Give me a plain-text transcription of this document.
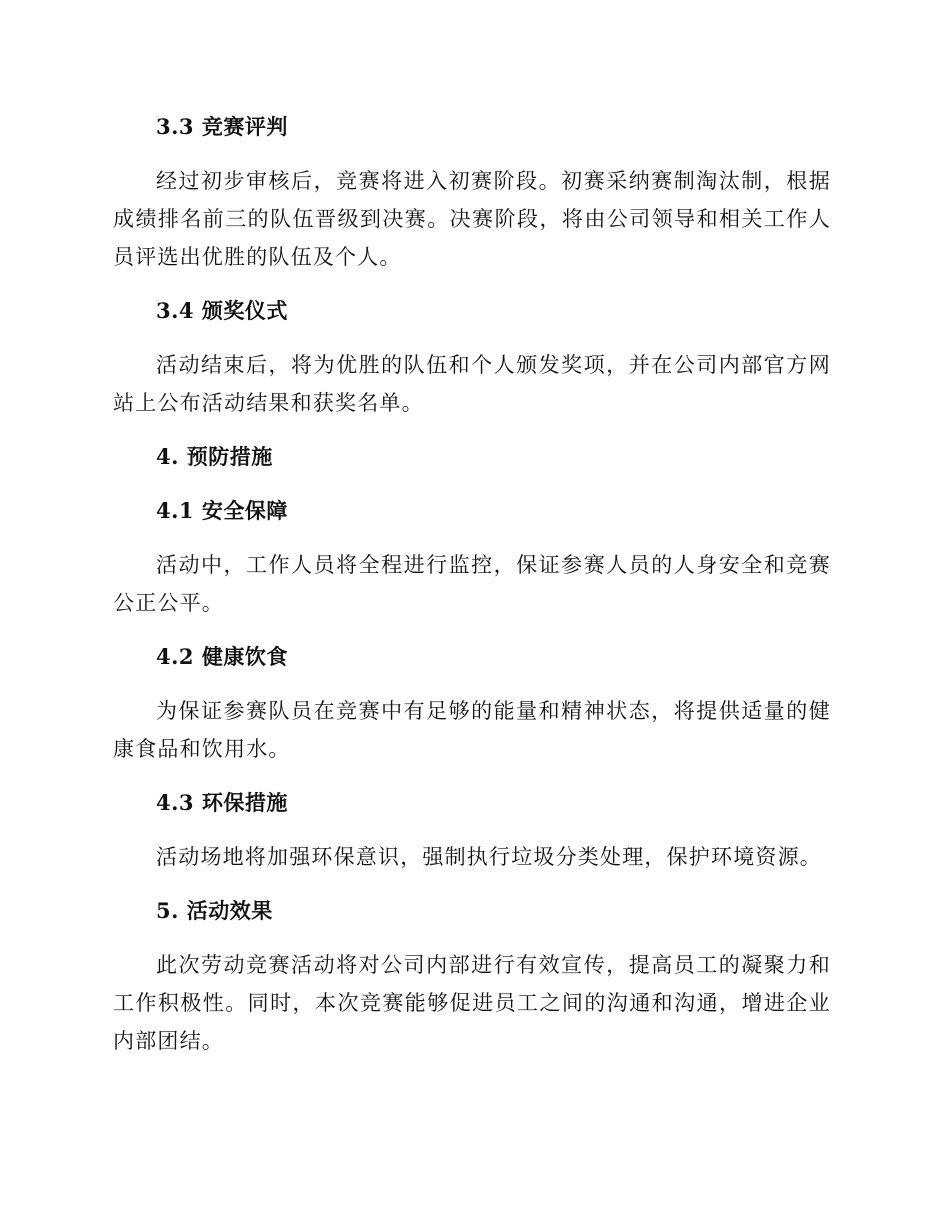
3.3 竞赛评判

经过初步审核后，竞赛将进入初赛阶段。初赛采纳赛制淘汰制，根据成绩排名前三的队伍晋级到决赛。决赛阶段，将由公司领导和相关工作人员评选出优胜的队伍及个人。

3.4 颁奖仪式

活动结束后，将为优胜的队伍和个人颁发奖项，并在公司内部官方网站上公布活动结果和获奖名单。

4. 预防措施
4.1 安全保障

活动中，工作人员将全程进行监控，保证参赛人员的人身安全和竞赛公正公平。

4.2 健康饮食

为保证参赛队员在竞赛中有足够的能量和精神状态，将提供适量的健康食品和饮用水。

4.3 环保措施

活动场地将加强环保意识，强制执行垃圾分类处理，保护环境资源。

5. 活动效果

此次劳动竞赛活动将对公司内部进行有效宣传，提高员工的凝聚力和工作积极性。同时，本次竞赛能够促进员工之间的沟通和沟通，增进企业内部团结。
